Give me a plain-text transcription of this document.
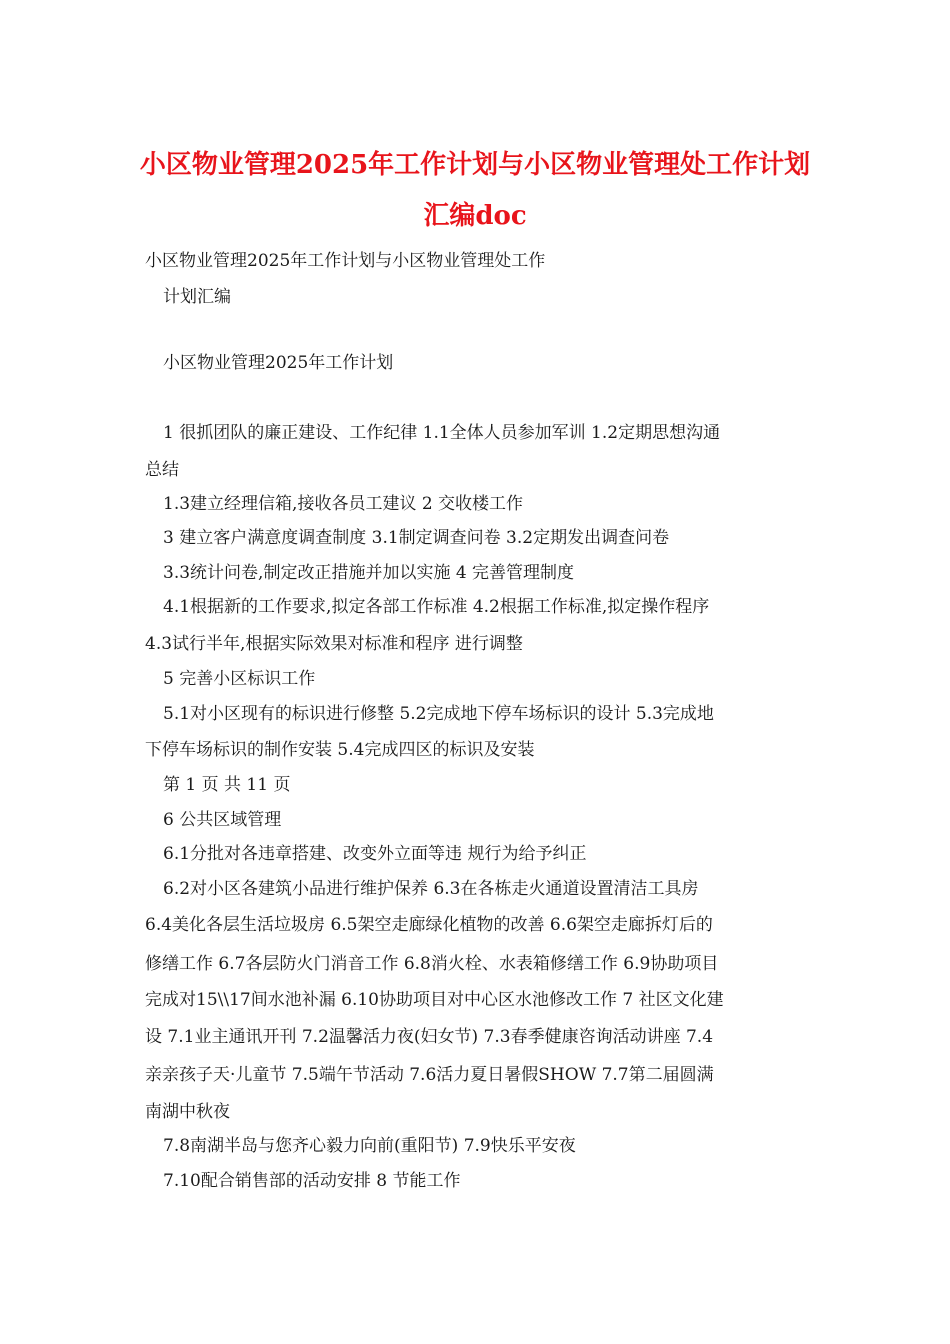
小区物业管理2025年工作计划与小区物业管理处工作计划
汇编doc
小区物业管理2025年工作计划与小区物业管理处工作
计划汇编
小区物业管理2025年工作计划
1 很抓团队的廉正建设、工作纪律 1.1全体人员参加军训 1.2定期思想沟通
总结
1.3建立经理信箱,接收各员工建议 2 交收楼工作
3 建立客户满意度调查制度 3.1制定调查问卷 3.2定期发出调查问卷
3.3统计问卷,制定改正措施并加以实施 4 完善管理制度
4.1根据新的工作要求,拟定各部工作标准 4.2根据工作标准,拟定操作程序
4.3试行半年,根据实际效果对标准和程序 进行调整
5 完善小区标识工作
5.1对小区现有的标识进行修整 5.2完成地下停车场标识的设计 5.3完成地
下停车场标识的制作安装 5.4完成四区的标识及安装
第 1 页 共 11 页
6 公共区域管理
6.1分批对各违章搭建、改变外立面等违 规行为给予纠正
6.2对小区各建筑小品进行维护保养 6.3在各栋走火通道设置清洁工具房
6.4美化各层生活垃圾房 6.5架空走廊绿化植物的改善 6.6架空走廊拆灯后的
修缮工作 6.7各层防火门消音工作 6.8消火栓、水表箱修缮工作 6.9协助项目
完成对15\\17间水池补漏 6.10协助项目对中心区水池修改工作 7 社区文化建
设 7.1业主通讯开刊 7.2温馨活力夜(妇女节) 7.3春季健康咨询活动讲座 7.4
亲亲孩子天·儿童节 7.5端午节活动 7.6活力夏日暑假SHOW 7.7第二届圆满
南湖中秋夜
7.8南湖半岛与您齐心毅力向前(重阳节) 7.9快乐平安夜
7.10配合销售部的活动安排 8 节能工作
